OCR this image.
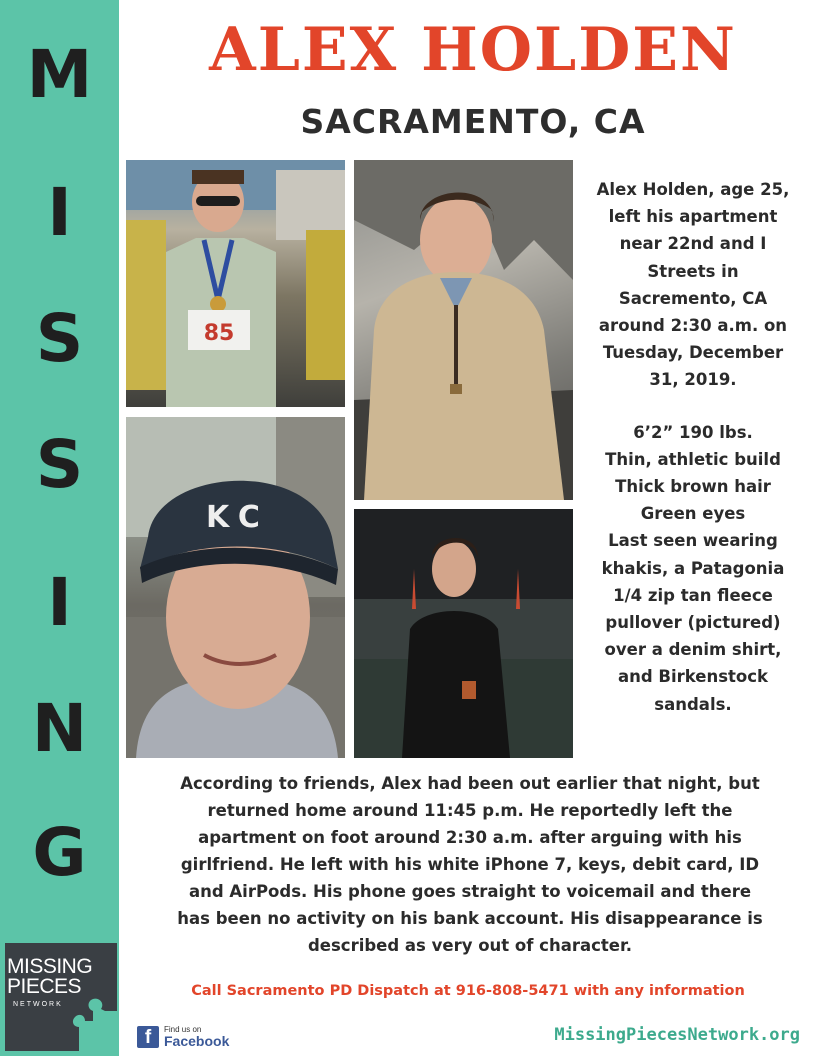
M
I
S
S
I
N
G
MISSING
PIECES
NETWORK
ALEX HOLDEN
SACRAMENTO, CA
85
KC
Alex Holden, age 25,
left his apartment
near 22nd and I
Streets in
Sacremento, CA
around 2:30 a.m. on
Tuesday, December
31, 2019.
6’2” 190 lbs.
Thin, athletic build
Thick brown hair
Green eyes
Last seen wearing
khakis, a Patagonia
1/4 zip tan fleece
pullover (pictured)
over a denim shirt,
and Birkenstock
sandals.
According to friends, Alex had been out earlier that night, but
returned home around 11:45 p.m. He reportedly left the
apartment on foot around 2:30 a.m. after arguing with his
girlfriend. He left with his white iPhone 7, keys, debit card, ID
and AirPods. His phone goes straight to voicemail and there
has been no activity on his bank account. His disappearance is
described as very out of character.
Call Sacramento PD Dispatch at 916-808-5471 with any information
f	Find us on
Facebook	MissingPiecesNetwork.org
